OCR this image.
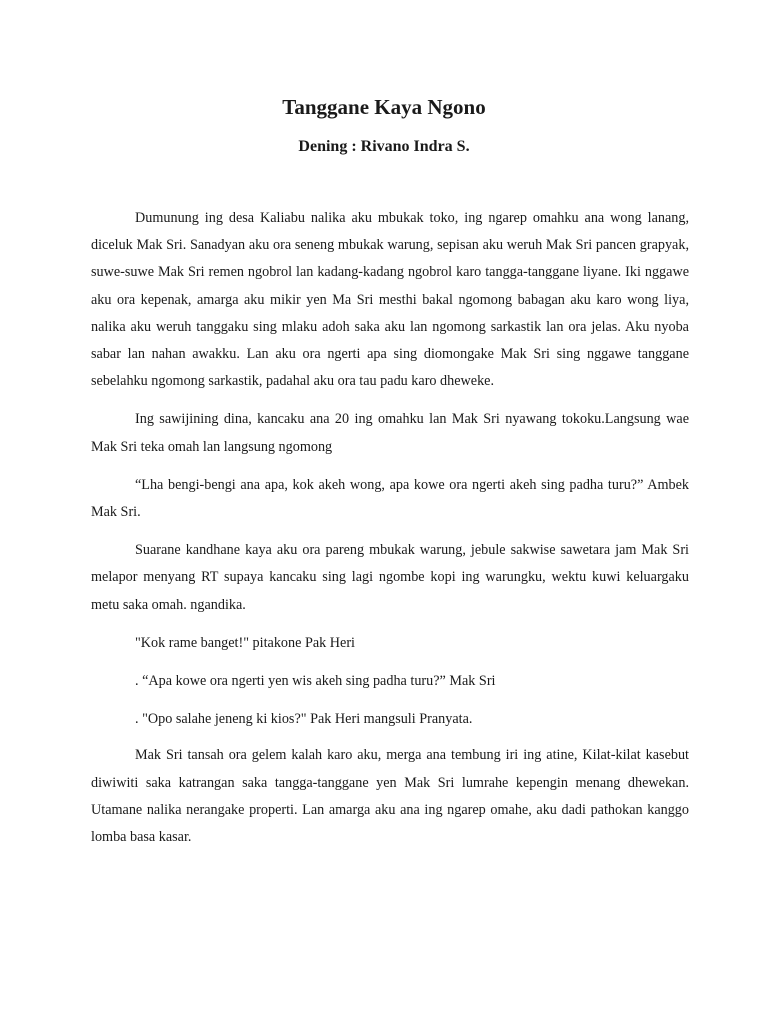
Tanggane Kaya Ngono
Dening : Rivano Indra S.

Dumunung ing desa Kaliabu nalika aku mbukak toko, ing ngarep omahku ana wong lanang, diceluk Mak Sri. Sanadyan aku ora seneng mbukak warung, sepisan aku weruh Mak Sri pancen grapyak, suwe-suwe Mak Sri remen ngobrol lan kadang-kadang ngobrol karo tangga-tanggane liyane. Iki nggawe aku ora kepenak, amarga aku mikir yen Ma Sri mesthi bakal ngomong babagan aku karo wong liya, nalika aku weruh tanggaku sing mlaku adoh saka aku lan ngomong sarkastik lan ora jelas. Aku nyoba sabar lan nahan awakku. Lan aku ora ngerti apa sing diomongake Mak Sri sing nggawe tanggane sebelahku ngomong sarkastik, padahal aku ora tau padu karo dheweke.

Ing sawijining dina, kancaku ana 20 ing omahku lan Mak Sri nyawang tokoku.Langsung wae Mak Sri teka omah lan langsung ngomong

“Lha bengi-bengi ana apa, kok akeh wong, apa kowe ora ngerti akeh sing padha turu?” Ambek Mak Sri.

Suarane kandhane kaya aku ora pareng mbukak warung, jebule sakwise sawetara jam Mak Sri melapor menyang RT supaya kancaku sing lagi ngombe kopi ing warungku, wektu kuwi keluargaku metu saka omah. ngandika.

"Kok rame banget!" pitakone Pak Heri

. “Apa kowe ora ngerti yen wis akeh sing padha turu?” Mak Sri

. "Opo salahe jeneng ki kios?" Pak Heri mangsuli Pranyata.

Mak Sri tansah ora gelem kalah karo aku, merga ana tembung iri ing atine, Kilat-kilat kasebut diwiwiti saka katrangan saka tangga-tanggane yen Mak Sri lumrahe kepengin menang dhewekan. Utamane nalika nerangake properti. Lan amarga aku ana ing ngarep omahe, aku dadi pathokan kanggo lomba basa kasar.
